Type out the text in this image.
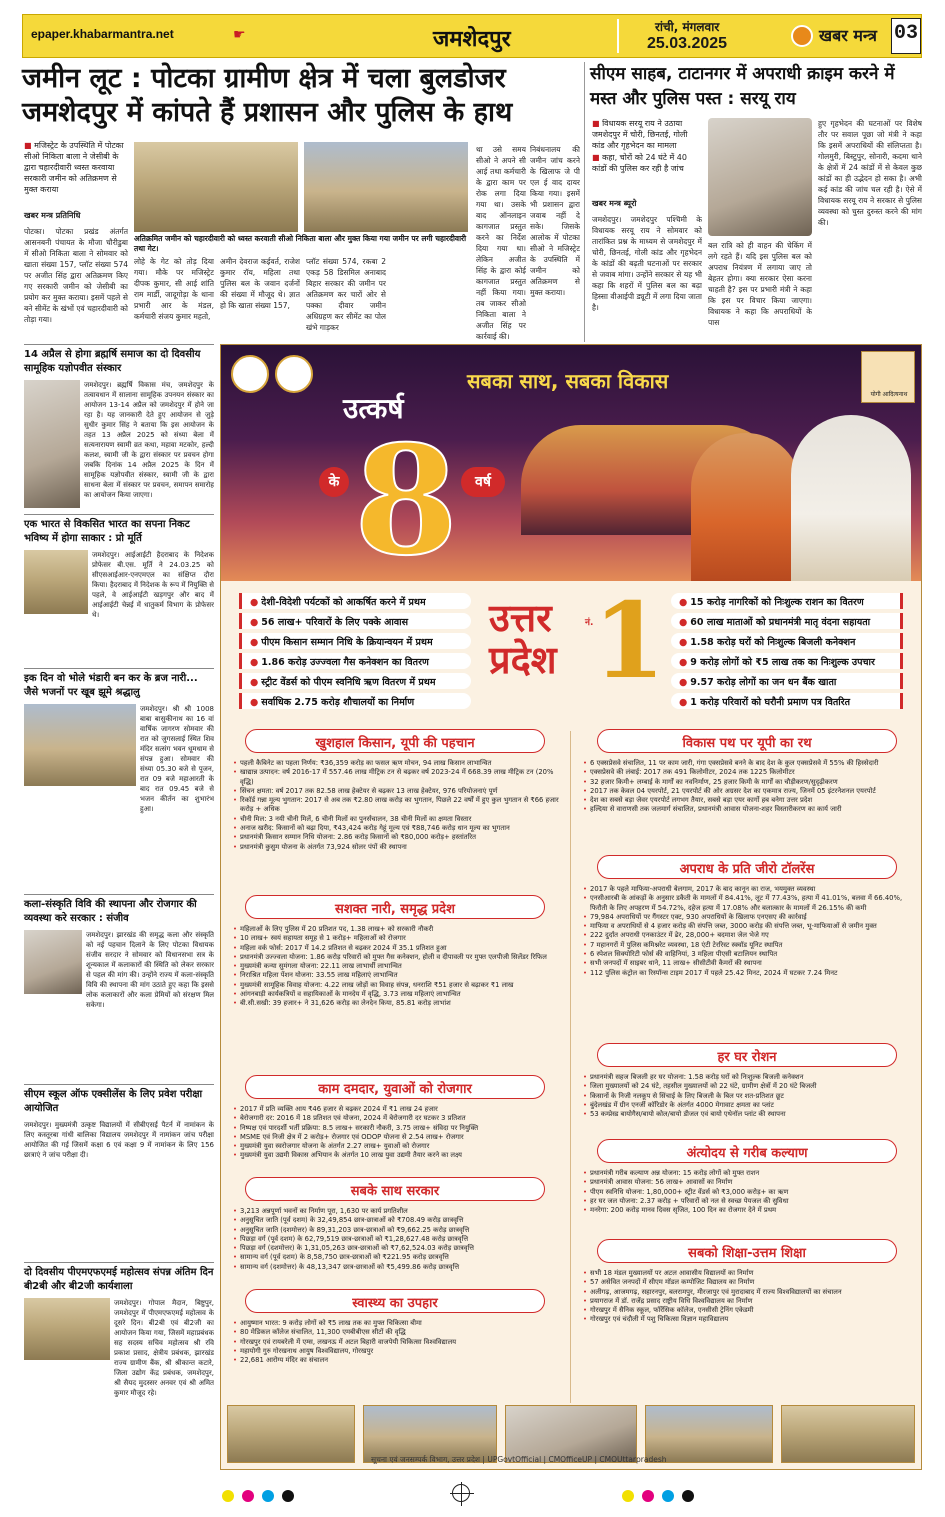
epaper.khabarmantra.net	☛	जमशेदपुर	रांची, मंगलवार
25.03.2025	खबर मन्त्र 03
जमीन लूट : पोटका ग्रामीण क्षेत्र में चला बुलडोजर जमशेदपुर में कांपते हैं प्रशासन और पुलिस के हाथ
सीएम साहब, टाटानगर में अपराधी क्राइम करने में मस्त और पुलिस पस्त : सरयू राय
■ मजिस्ट्रेट के उपस्थिति में पोटका सीओ निकिता बाला ने जेसीबी के द्वारा चहारदीवारी ध्वस्त करवाया सरकारी जमीन को अतिक्रमण से मुक्त कराया
खबर मन्त्र प्रतिनिधि
पोटका। पोटका प्रखंड अंतर्गत आसनबनी पंचायत के मौजा चौरीडुबा में सीओ निकिता बाला ने सोमवार को खाता संख्या 157, प्लॉट संख्या 574 पर अजीत सिंह द्वारा अतिक्रमण किए गए सरकारी जमीन को जेसीबी का प्रयोग कर मुक्त कराया। इसमें पहले से बने सीमेंट के खंभों एवं चहारदीवारी को तोड़ा गया।
अतिक्रमित जमीन को चहारदीवारी को ध्वस्त करवाती सीओ निकिता बाला और मुक्त किया गया जमीन पर लगी चहारदीवारी तथा गेट।
लोहे के गेट को तोड़ दिया गया। मौके पर मजिस्ट्रेट दीपक कुमार, सी आई शांति राम मार्डी, जादूगोड़ा के थाना प्रभारी आर के मंडल, कर्मचारी संजय कुमार महतो,
अमीन देवराज कईवर्त, राजेश कुमार रॉय, महिला तथा पुलिस बल के जवान दर्जनों की संख्या में मौजूद थे। ज्ञात हो कि खाता संख्या 157,
प्लॉट संख्या 574, रकबा 2 एकड़ 58 डिसमिल अनाबाद बिहार सरकार की जमीन पर अतिक्रमण कर चारों ओर से पक्का दीवार जमीन अधिग्रहण कर सीमेंट का पोल खंभे गाड़कर
था उसे समय सीओ ने अपने सी आई तथा कर्मचारी के द्वारा काम पर रोक लगा दिया गया था। उसके बाद ऑनलाइन कागजात प्रस्तुत करने का निर्देश दिया गया था। लेकिन अजीत सिंह के द्वारा कोई कागजात प्रस्तुत नहीं किया गया। तब जाकर सीओ निकिता बाला ने अजीत सिंह पर कार्रवाई की।
निबंधनालय की जमीन जांच करने के खिलाफ जे पी एल ई वाद दायर किया गया। इसमें भी प्रशासन द्वारा जवाब नहीं दे सके। जिसके आलोक में पोटका सीओ ने मजिस्ट्रेट के उपस्थिति में जमीन को अतिक्रमण से मुक्त कराया।
■ विधायक सरयू राय ने उठाया जमशेदपुर में चोरी, छिनतई, गोली कांड और गृहभेदन का मामला
■ कहा, चोरों को 24 घंटे में 40 कांडों की पुलिस कर रही है जांच
खबर मन्त्र ब्यूरो
जमशेदपुर। जमशेदपुर पश्चिमी के विधायक सरयू राय ने सोमवार को तारांकित प्रश्न के माध्यम से जमशेदपुर में चोरी, छिनतई, गोली कांड और गृहभेदन के कांडों की बढ़ती घटनाओं पर सरकार से जवाब मांगा। उन्होंने सरकार से यह भी कहा कि शहरों में पुलिस बल का बढ़ा हिस्सा वीआईपी ड्यूटी में लगा दिया जाता है।
बल रात्रि को ही वाहन की चेकिंग में लगे रहते हैं। यदि इस पुलिस बल को अपराध नियंत्रण में लगाया जाए तो बेहतर होगा। क्या सरकार ऐसा करना चाहती है? इस पर प्रभारी मंत्री ने कहा कि इस पर विचार किया जाएगा। विधायक ने कहा कि अपराधियों के पास
हुए गृहभेदन की घटनाओं पर विशेष तौर पर सवाल पूछा जो मंत्री ने कहा कि इसमें अपराधियों की संलिप्तता है। गोलमुरी, बिस्टुपुर, सोनारी, कदमा थाने के क्षेत्रों में 24 कांडों में से केवल कुछ कांडों का ही उद्भेदन हो सका है। अभी कई कांड की जांच चल रही है। ऐसे में विधायक सरयू राय ने सरकार से पुलिस व्यवस्था को चुस्त दुरुस्त करने की मांग की।
14 अप्रैल से होगा ब्रह्मर्षि समाज का दो दिवसीय सामूहिक यज्ञोपवीत संस्कार
जमशेदपुर। ब्रह्मर्षि विकास मंच, जमशेदपुर के तत्वावधान में सालाना सामूहिक उपनयन संस्कार का आयोजन 13-14 अप्रैल को जमशेदपुर में होने जा रहा है। यह जानकारी देते हुए आयोजन से जुड़े सुधीर कुमार सिंह ने बताया कि इस आयोजन के तहत 13 अप्रैल 2025 को संध्या बेला में सत्यनारायण स्वामी व्रत कथा, महावा मटकोर, हल्दी कलश, स्वामी जी के द्वारा संस्कार पर प्रवचन होगा जबकि दिनांक 14 अप्रैल 2025 के दिन में सामूहिक यज्ञोपवीत संस्कार, स्वामी जी के द्वारा साधना बेला में संस्कार पर प्रवचन, समापन समारोह का आयोजन किया जाएगा।
एक भारत से विकसित भारत का सपना निकट भविष्य में होगा साकार : प्रो मूर्ति
जमशेदपुर। आईआईटी हैदराबाद के निदेशक प्रोफेसर बी.एस. मूर्ति ने 24.03.25 को सीएसआईआर-एनएमएल का संक्षिप्त दौरा किया। हैदराबाद में निदेशक के रूप में नियुक्ति से पहले, वे आईआईटी खड़गपुर और बाद में आईआईटी चेन्नई में धातुकर्म विभाग के प्रोफेसर थे।
इक दिन वो भोले भंडारी बन कर के ब्रज नारी... जैसे भजनों पर खूब झूमे श्रद्धालु
जमशेदपुर। श्री श्री 1008 बाबा बासुकीनाथ का 16 वां वार्षिक जागरण सोमवार की रात को जुगसलाई स्थित शिव मंदिर सत्संग भवन धूमधाम से संपन्न हुआ। सोमवार की संध्या 05.30 बजे से पूजन, रात 09 बजे महाआरती के बाद रात 09.45 बजे से भजन कीर्तन का शुभारंभ हुआ।
कला-संस्कृति विवि की स्थापना और रोजगार की व्यवस्था करे सरकार : संजीव
जमशेदपुर। झारखंड की समृद्ध कला और संस्कृति को नई पहचान दिलाने के लिए पोटका विधायक संजीव सरदार ने सोमवार को विधानसभा सत्र के शून्यकाल में कलाकारों की स्थिति को लेकर सरकार से पहल की मांग की। उन्होंने राज्य में कला-संस्कृति विवि की स्थापना की मांग उठाते हुए कहा कि इससे लोक कलाकारों और कला प्रेमियों को संरक्षण मिल सकेगा।
सीएम स्कूल ऑफ एक्सीलेंस के लिए प्रवेश परीक्षा आयोजित
जमशेदपुर। मुख्यमंत्री उत्कृष्ट विद्यालयों में सीबीएसई पैटर्न में नामांकन के लिए कस्तूरबा गांधी बालिका विद्यालय जमशेदपुर में नामांकन जांच परीक्षा आयोजित की गई जिसमें कक्षा 6 एवं कक्षा 9 में नामांकन के लिए 156 छात्राएं ने जांच परीक्षा दी।
दो दिवसीय पीएमएफएमई महोत्सव संपन्न अंतिम दिन बी2बी और बी2जी कार्यशाला
जमशेदपुर। गोपाल मैदान, बिष्टुपुर, जमशेदपुर में पीएमएफएमई महोत्सव के दूसरे दिन। बी2बी एवं बी2जी का आयोजन किया गया, जिसमें महाप्रबंधक सह सदस्य सचिव महोत्सव श्री रवि प्रकाश प्रसाद, क्षेत्रीय प्रबंधक, झारखंड राज्य ग्रामीण बैंक, श्री श्रीकान्त कटारे, जिला उद्योग केंद्र प्रबंधक, जमशेदपुर, श्री सैयद मुदस्सर अनवर एवं श्री अमित कुमार मौजूद रहे।
सबका साथ, सबका विकास
उत्कर्ष
8
के	वर्ष
योगी आदित्यनाथ
● देशी-विदेशी पर्यटकों को आकर्षित करने में प्रथम
● 56 लाख+ परिवारों के लिए पक्के आवास
● पीएम किसान सम्मान निधि के क्रियान्वयन में प्रथम
● 1.86 करोड़ उज्ज्वला गैस कनेक्शन का वितरण
● स्ट्रीट वेंडर्स को पीएम स्वनिधि ऋण वितरण में प्रथम
● सर्वाधिक 2.75 करोड़ शौचालयों का निर्माण
● 15 करोड़ नागरिकों को निःशुल्क राशन का वितरण
● 60 लाख माताओं को प्रधानमंत्री मातृ वंदना सहायता
● 1.58 करोड़ घरों को निःशुल्क बिजली कनेक्शन
● 9 करोड़ लोगों को ₹5 लाख तक का निःशुल्क उपचार
● 9.57 करोड़ लोगों का जन धन बैंक खाता
● 1 करोड़ परिवारों को घरौनी प्रमाण पत्र वितरित
उत्तर
प्रदेश
नं. 1
खुशहाल किसान, यूपी की पहचान
• पहली कैबिनेट का पहला निर्णय: ₹36,359 करोड़ का फसल ऋण मोचन, 94 लाख किसान लाभान्वित
• खाद्यान्न उत्पादन: वर्ष 2016-17 में 557.46 लाख मीट्रिक टन से बढ़कर वर्ष 2023-24 में 668.39 लाख मीट्रिक टन (20% वृद्धि)
• सिंचन क्षमता: वर्ष 2017 तक 82.58 लाख हेक्टेयर से बढ़कर 13 लाख हेक्टेयर, 976 परियोजनाएं पूर्ण
• रिकॉर्ड गन्ना मूल्य भुगतान: 2017 से अब तक ₹2.80 लाख करोड़ का भुगतान, पिछले 22 वर्षों में हुए कुल भुगतान से ₹66 हजार करोड़ + अधिक
• चीनी मिल: 3 नयी चीनी मिलें, 6 चीनी मिलों का पुनर्संचालन, 38 चीनी मिलों का क्षमता विस्तार
• अनाज खरीद: किसानों को बढ़ा दिया, ₹43,424 करोड़ गेहूं मूल्य एवं ₹88,746 करोड़ धान मूल्य का भुगतान
• प्रधानमंत्री किसान सम्मान निधि योजना: 2.86 करोड़ किसानों को ₹80,000 करोड़+ हस्तांतरित
• प्रधानमंत्री कुसुम योजना के अंतर्गत 73,924 सोलर पंपों की स्थापना
सशक्त नारी, समृद्ध प्रदेश
• महिलाओं के लिए पुलिस में 20 प्रतिशत पद, 1.38 लाख+ को सरकारी नौकरी
• 10 लाख+ स्वयं सहायता समूह से 1 करोड़+ महिलाओं को रोजगार
• महिला वर्क फोर्स: 2017 में 14.2 प्रतिशत से बढ़कर 2024 में 35.1 प्रतिशत हुआ
• प्रधानमंत्री उज्ज्वला योजना: 1.86 करोड़ परिवारों को मुफ्त गैस कनेक्शन, होली व दीपावली पर मुफ्त एलपीजी सिलेंडर रिफिल
• मुख्यमंत्री कन्या सुमंगला योजना: 22.11 लाख लाभार्थी लाभान्वित
• निराश्रित महिला पेंशन योजना: 33.55 लाख महिलाएं लाभान्वित
• मुख्यमंत्री सामूहिक विवाह योजना: 4.22 लाख जोड़ों का विवाह संपन्न, धनराशि ₹51 हजार से बढ़ाकर ₹1 लाख
• आंगनबाड़ी कार्यकत्रियों व सहायिकाओं के मानदेय में वृद्धि, 3.73 लाख महिलाएं लाभान्वित
• बी.सी.सखी: 39 हजार+ ने 31,626 करोड़ का लेनदेन किया, 85.81 करोड़ लाभांश
काम दमदार, युवाओं को रोजगार
• 2017 में प्रति व्यक्ति आय ₹46 हजार से बढ़कर 2024 में ₹1 लाख 24 हजार
• बेरोजगारी दर: 2016 में 18 प्रतिशत एवं योजना, 2024 में बेरोजगारी दर घटकर 3 प्रतिशत
• निष्पक्ष एवं पारदर्शी भर्ती प्रक्रिया: 8.5 लाख+ सरकारी नौकरी, 3.75 लाख+ संविदा पर नियुक्ति
• MSME एवं निजी क्षेत्र में 2 करोड़+ रोजगार एवं ODOP योजना से 2.54 लाख+ रोजगार
• मुख्यमंत्री युवा स्वरोजगार योजना के अंतर्गत 2.27 लाख+ युवाओं को रोजगार
• मुख्यमंत्री युवा उद्यमी विकास अभियान के अंतर्गत 10 लाख युवा उद्यमी तैयार करने का लक्ष्य
सबके साथ सरकार
• 3,213 अन्नपूर्णा भवनों का निर्माण पूरा, 1,630 पर कार्य प्रगतिशील
• अनुसूचित जाति (पूर्व दशम) के 32,49,854 छात्र-छात्राओं को ₹708.49 करोड़ छात्रवृत्ति
• अनुसूचित जाति (दशमोत्तर) के 89,31,203 छात्र-छात्राओं को ₹9,662.25 करोड़ छात्रवृत्ति
• पिछड़ा वर्ग (पूर्व दशम) के 62,79,519 छात्र-छात्राओं को ₹1,28,627.48 करोड़ छात्रवृत्ति
• पिछड़ा वर्ग (दशमोत्तर) के 1,31,05,263 छात्र-छात्राओं को ₹7,62,524.03 करोड़ छात्रवृत्ति
• सामान्य वर्ग (पूर्व दशम) के 8,58,750 छात्र-छात्राओं को ₹221.95 करोड़ छात्रवृत्ति
• सामान्य वर्ग (दशमोत्तर) के 48,13,347 छात्र-छात्राओं को ₹5,499.86 करोड़ छात्रवृत्ति
स्वास्थ्य का उपहार
• आयुष्मान भारत: 9 करोड़ लोगों को ₹5 लाख तक का मुफ्त चिकित्सा बीमा
• 80 मेडिकल कॉलेज संचालित, 11,300 एमबीबीएस सीटों की वृद्धि
• गोरखपुर एवं रायबरेली में एम्स, लखनऊ में अटल बिहारी वाजपेयी चिकित्सा विश्वविद्यालय
• महायोगी गुरु गोरखनाथ आयुष विश्वविद्यालय, गोरखपुर
• 22,681 आरोग्य मंदिर का संचालन
विकास पथ पर यूपी का रथ
• 6 एक्सप्रेसवे संचालित, 11 पर काम जारी, गंगा एक्सप्रेसवे बनने के बाद देश के कुल एक्सप्रेसवे में 55% की हिस्सेदारी
• एक्सप्रेसवे की लंबाई: 2017 तक 491 किलोमीटर, 2024 तक 1225 किलोमीटर
• 32 हजार किमी+ लम्बाई के मार्गों का नवनिर्माण, 25 हजार किमी के मार्गों का चौड़ीकरण/सुदृढ़ीकरण
• 2017 तक केवल 04 एयरपोर्ट, 21 एयरपोर्ट की ओर अग्रसर देश का एकमात्र राज्य, जिनमें 05 इंटरनेशनल एयरपोर्ट
• देश का सबसे बड़ा जेवर एयरपोर्ट लगभग तैयार, सबसे बड़ा एयर कार्गो हब बनेगा उत्तर प्रदेश
• हल्दिया से वाराणसी तक जलमार्ग संचालित, प्रधानमंत्री आवास योजना-शहर विस्तारीकरण का कार्य जारी
अपराध के प्रति जीरो टॉलरेंस
• 2017 के पहले माफिया-अपराधी बेलगाम, 2017 के बाद कानून का राज, भयमुक्त व्यवस्था
• एनसीआरबी के आंकड़ों के अनुसार डकैती के मामलों में 84.41%, लूट में 77.43%, हत्या में 41.01%, बलवा में 66.40%, फिरौती के लिए अपहरण में 54.72%, दहेज हत्या में 17.08% और बलात्कार के मामलों में 26.15% की कमी
• 79,984 अपराधियों पर गैंगस्टर एक्ट, 930 अपराधियों के खिलाफ एनएसए की कार्रवाई
• माफिया व अपराधियों से 4 हजार करोड़ की संपत्ति जब्त, 3000 करोड़ की संपत्ति जब्त, भू-माफियाओं से जमीन मुक्त
• 222 दुर्दांत अपराधी एनकाउंटर में ढेर, 28,000+ बदमाश जेल भेजे गए
• 7 महानगरों में पुलिस कमिश्नरेट व्यवस्था, 18 एंटी टेररिस्ट स्क्वॉड यूनिट स्थापित
• 6 स्पेशल सिक्योरिटी फोर्स की वाहिनियां, 3 महिला पीएसी बटालियन स्थापित
• सभी जनपदों में साइबर थाने, 11 लाख+ सीसीटीवी कैमरों की स्थापना
• 112 पुलिस कंट्रोल का रिस्पॉन्स टाइम 2017 में पहले 25.42 मिनट, 2024 में घटकर 7.24 मिनट
हर घर रोशन
• प्रधानमंत्री सहज बिजली हर घर योजना: 1.58 करोड़ घरों को निःशुल्क बिजली कनेक्शन
• जिला मुख्यालयों को 24 घंटे, तहसील मुख्यालयों को 22 घंटे, ग्रामीण क्षेत्रों में 20 घंटे बिजली
• किसानों के निजी नलकूप से सिंचाई के लिए बिजली के बिल पर शत-प्रतिशत छूट
• बुंदेलखंड में ग्रीन एनर्जी कॉरिडोर के अंतर्गत 4000 मेगावाट क्षमता का प्लांट
• 53 कम्प्रेस्ड बायोगैस/बायो कोल/बायो डीजल एवं बायो एथेनॉल प्लांट की स्थापना
अंत्योदय से गरीब कल्याण
• प्रधानमंत्री गरीब कल्याण अन्न योजना: 15 करोड़ लोगों को मुफ्त राशन
• प्रधानमंत्री आवास योजना: 56 लाख+ आवासों का निर्माण
• पीएम स्वनिधि योजना: 1,80,000+ स्ट्रीट वेंडर्स को ₹3,000 करोड़+ का ऋण
• हर घर जल योजना: 2.37 करोड़ + परिवारों को नल से स्वच्छ पेयजल की सुविधा
• मनरेगा: 200 करोड़ मानव दिवस सृजित, 100 दिन का रोजगार देने में प्रथम
सबको शिक्षा-उत्तम शिक्षा
• सभी 18 मंडल मुख्यालयों पर अटल आवासीय विद्यालयों का निर्माण
• 57 असेवित जनपदों में सीएम मॉडल कम्पोजिट विद्यालय का निर्माण
• अलीगढ़, आजमगढ़, सहारनपुर, बलरामपुर, मीरजापुर एवं मुरादाबाद में राज्य विश्वविद्यालयों का संचालन
• प्रयागराज में डॉ. राजेंद्र प्रसाद राष्ट्रीय विधि विश्वविद्यालय का निर्माण
• गोरखपुर में सैनिक स्कूल, फॉरेंसिक कॉलेज, एनसीसी ट्रेनिंग एकेडमी
• गोरखपुर एवं चंदौली में पशु चिकित्सा विज्ञान महाविद्यालय
सूचना एवं जनसम्पर्क विभाग, उत्तर प्रदेश | UPGovtOfficial | CMOfficeUP | CMOUttarpradesh
